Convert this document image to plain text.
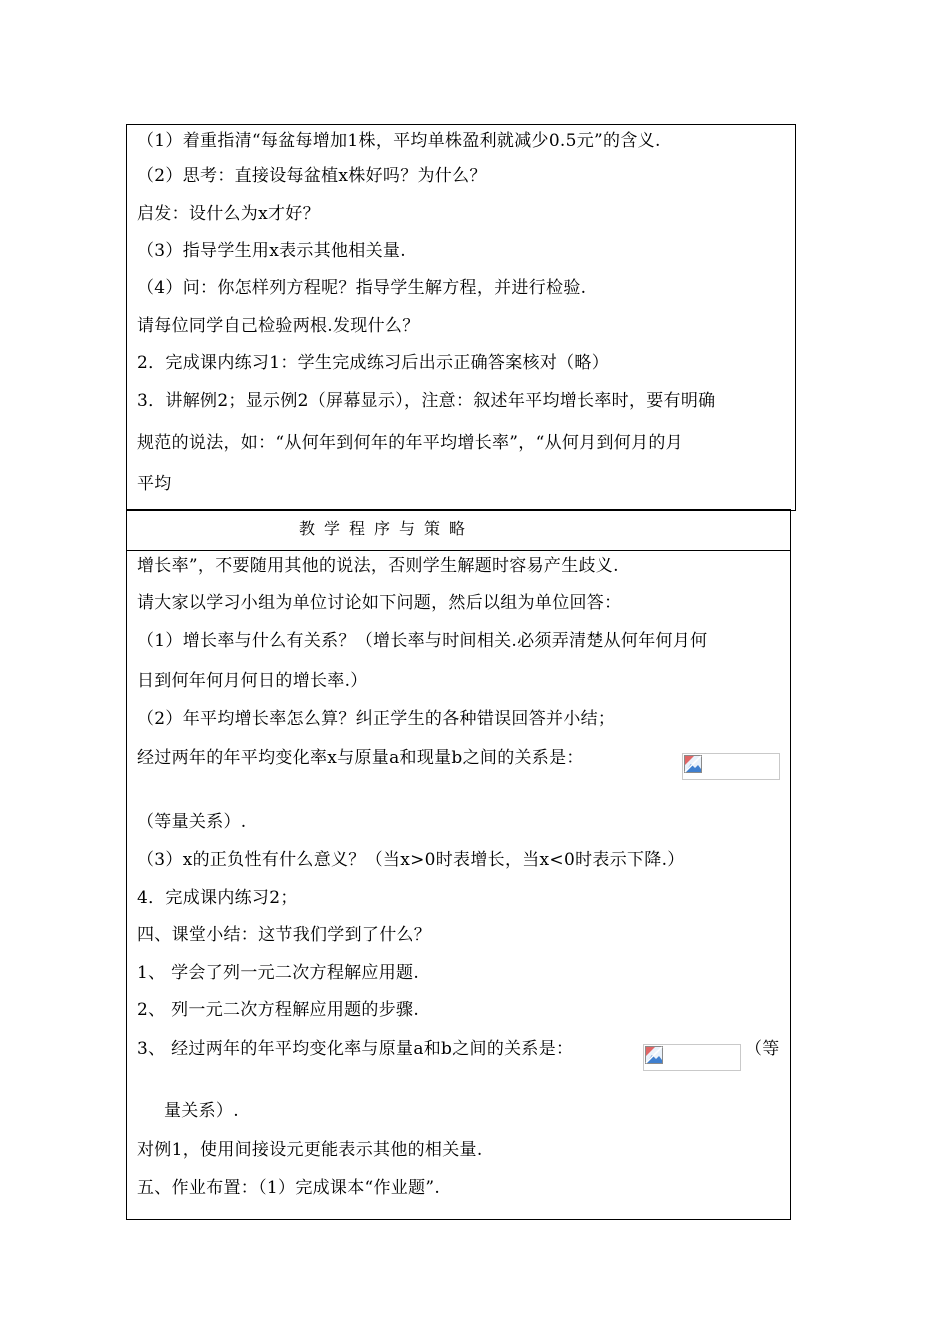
（1）着重指清“每盆每增加1株，平均单株盈利就减少0.5元”的含义.
（2）思考：直接设每盆植x株好吗？为什么？
启发：设什么为x才好？
（3）指导学生用x表示其他相关量.
（4）问：你怎样列方程呢？指导学生解方程，并进行检验.
请每位同学自己检验两根.发现什么？
2．完成课内练习1：学生完成练习后出示正确答案核对（略）
3．讲解例2；显示例2（屏幕显示），注意：叙述年平均增长率时，要有明确
规范的说法，如：“从何年到何年的年平均增长率”，“从何月到何月的月
平均
教学程序与策略
增长率”，不要随用其他的说法，否则学生解题时容易产生歧义.
请大家以学习小组为单位讨论如下问题，然后以组为单位回答：
（1）增长率与什么有关系？（增长率与时间相关.必须弄清楚从何年何月何
日到何年何月何日的增长率.）
（2）年平均增长率怎么算？纠正学生的各种错误回答并小结；
经过两年的年平均变化率x与原量a和现量b之间的关系是：
（等量关系）.
（3）x的正负性有什么意义？（当x>0时表增长，当x<0时表示下降.）
4．完成课内练习2；
四、课堂小结：这节我们学到了什么？
1、 学会了列一元二次方程解应用题.
2、 列一元二次方程解应用题的步骤.
3、 经过两年的年平均变化率与原量a和b之间的关系是：	（等
量关系）.
对例1，使用间接设元更能表示其他的相关量.
五、作业布置：（1）完成课本“作业题”.
